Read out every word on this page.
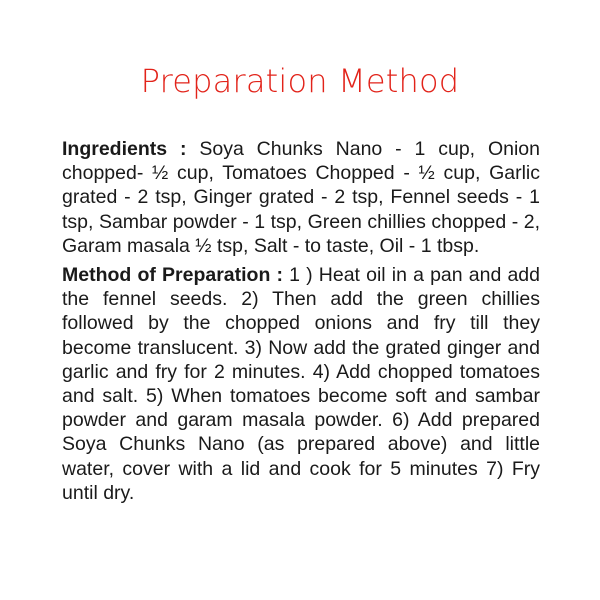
Preparation Method

Ingredients : Soya Chunks Nano - 1 cup, Onion chopped- ½ cup, Tomatoes Chopped - ½ cup, Garlic grated - 2 tsp, Ginger grated - 2 tsp, Fennel seeds - 1 tsp, Sambar powder - 1 tsp, Green chillies chopped - 2, Garam masala ½ tsp, Salt - to taste, Oil - 1 tbsp.

Method of Preparation : 1 ) Heat oil in a pan and add the fennel seeds. 2) Then add the green chillies followed by the chopped onions and fry till they become translucent. 3) Now add the grated ginger and garlic and fry for 2 minutes. 4) Add chopped tomatoes and salt. 5) When tomatoes become soft and sambar powder and garam masala powder. 6) Add prepared Soya Chunks Nano (as prepared above) and little water, cover with a lid and cook for 5 minutes 7) Fry until dry.
